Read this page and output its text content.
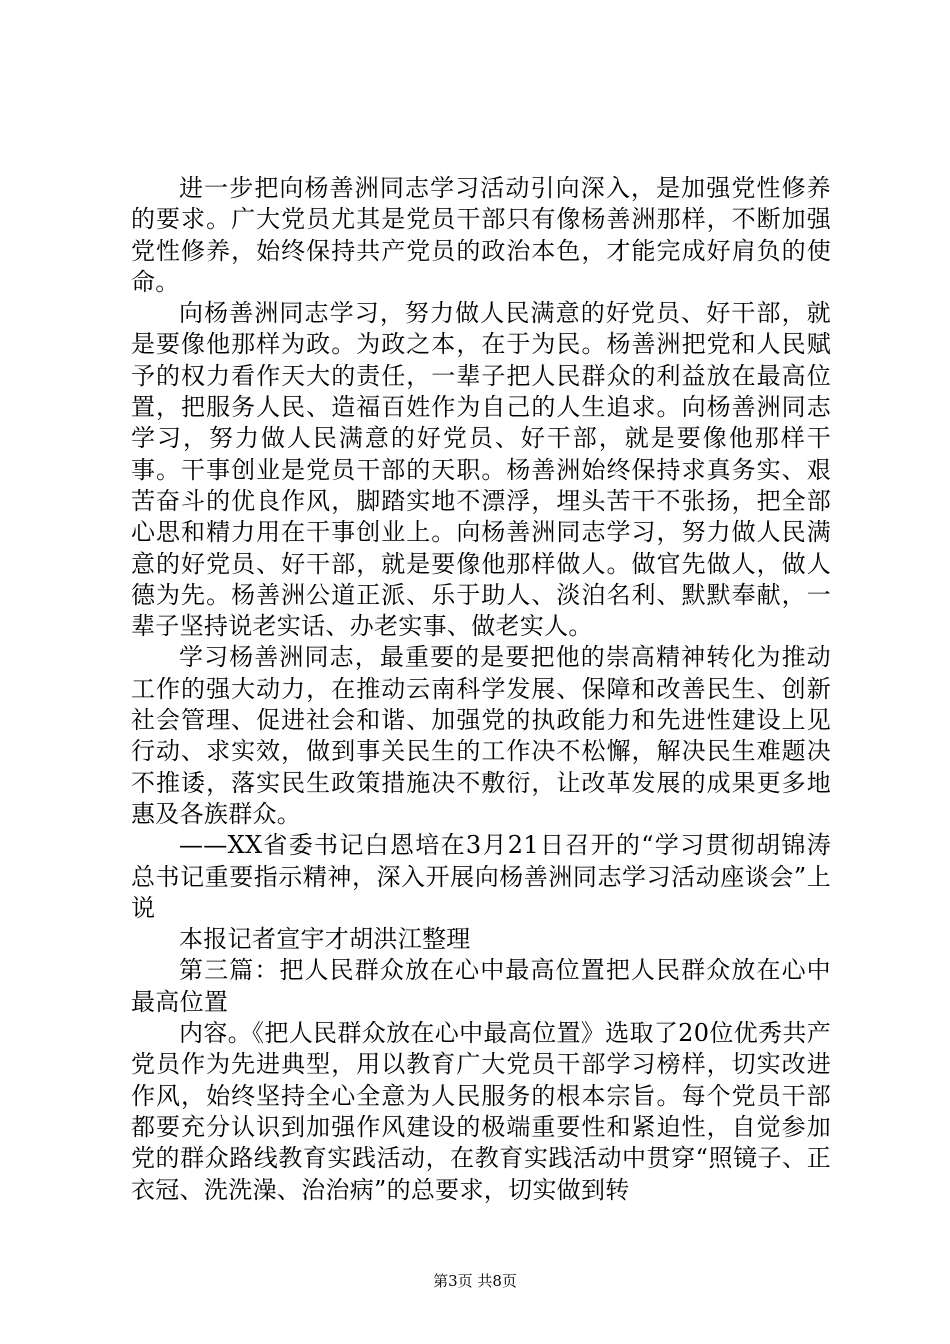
进一步把向杨善洲同志学习活动引向深入，是加强党性修养的要求。广大党员尤其是党员干部只有像杨善洲那样，不断加强党性修养，始终保持共产党员的政治本色，才能完成好肩负的使命。

向杨善洲同志学习，努力做人民满意的好党员、好干部，就是要像他那样为政。为政之本，在于为民。杨善洲把党和人民赋予的权力看作天大的责任，一辈子把人民群众的利益放在最高位置，把服务人民、造福百姓作为自己的人生追求。向杨善洲同志学习，努力做人民满意的好党员、好干部，就是要像他那样干事。干事创业是党员干部的天职。杨善洲始终保持求真务实、艰苦奋斗的优良作风，脚踏实地不漂浮，埋头苦干不张扬，把全部心思和精力用在干事创业上。向杨善洲同志学习，努力做人民满意的好党员、好干部，就是要像他那样做人。做官先做人，做人德为先。杨善洲公道正派、乐于助人、淡泊名利、默默奉献，一辈子坚持说老实话、办老实事、做老实人。

学习杨善洲同志，最重要的是要把他的崇高精神转化为推动工作的强大动力，在推动云南科学发展、保障和改善民生、创新社会管理、促进社会和谐、加强党的执政能力和先进性建设上见行动、求实效，做到事关民生的工作决不松懈，解决民生难题决不推诿，落实民生政策措施决不敷衍，让改革发展的成果更多地惠及各族群众。

——XX省委书记白恩培在3月21日召开的“学习贯彻胡锦涛总书记重要指示精神，深入开展向杨善洲同志学习活动座谈会”上说

本报记者宣宇才胡洪江整理

第三篇：把人民群众放在心中最高位置把人民群众放在心中最高位置

内容。《把人民群众放在心中最高位置》选取了20位优秀共产党员作为先进典型，用以教育广大党员干部学习榜样，切实改进作风，始终坚持全心全意为人民服务的根本宗旨。每个党员干部都要充分认识到加强作风建设的极端重要性和紧迫性，自觉参加党的群众路线教育实践活动，在教育实践活动中贯穿“照镜子、正衣冠、洗洗澡、治治病”的总要求，切实做到转

第3页 共8页
